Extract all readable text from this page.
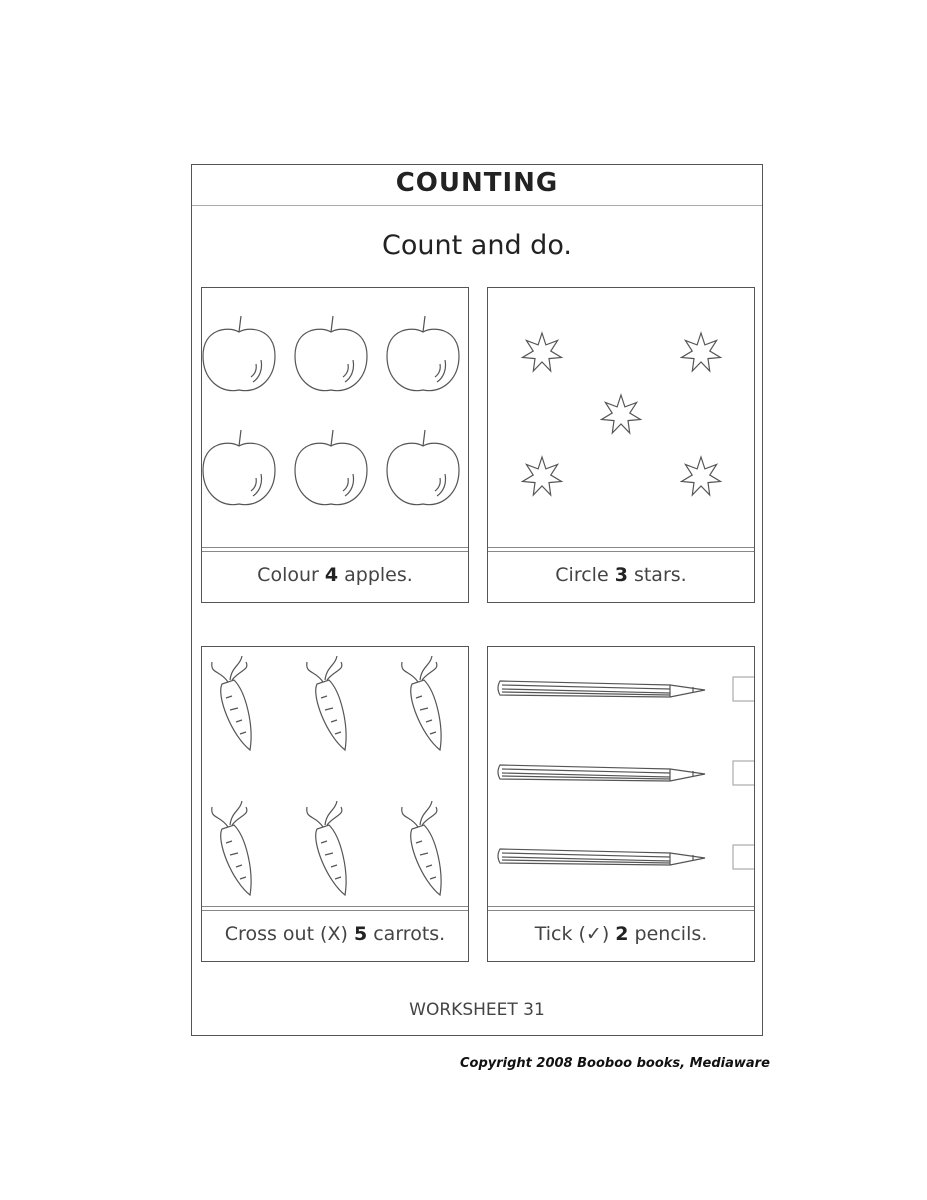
COUNTING
Count and do.
Colour 4 apples.	Circle 3 stars.
Cross out (X) 5 carrots.	Tick (✓) 2 pencils.
WORKSHEET 31
Copyright 2008 Booboo books, Mediaware
